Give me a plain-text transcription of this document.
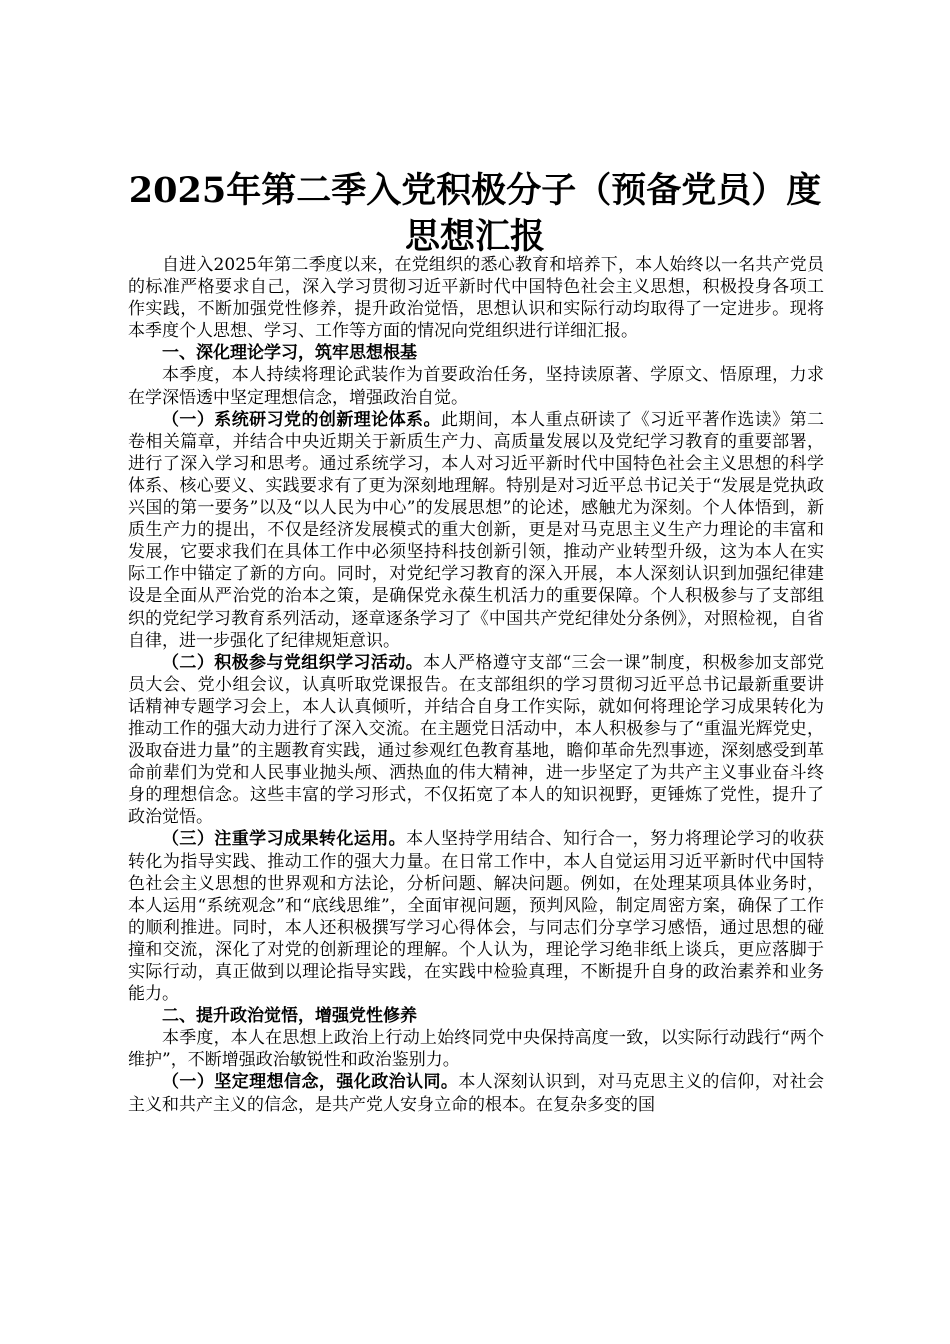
2025年第二季入党积极分子（预备党员）度
思想汇报

自进入2025年第二季度以来，在党组织的悉心教育和培养下，本人始终以一名共产党员的标准严格要求自己，深入学习贯彻习近平新时代中国特色社会主义思想，积极投身各项工作实践，不断加强党性修养，提升政治觉悟，思想认识和实际行动均取得了一定进步。现将本季度个人思想、学习、工作等方面的情况向党组织进行详细汇报。

一、深化理论学习，筑牢思想根基

本季度，本人持续将理论武装作为首要政治任务，坚持读原著、学原文、悟原理，力求在学深悟透中坚定理想信念，增强政治自觉。

（一）系统研习党的创新理论体系。此期间，本人重点研读了《习近平著作选读》第二卷相关篇章，并结合中央近期关于新质生产力、高质量发展以及党纪学习教育的重要部署，进行了深入学习和思考。通过系统学习，本人对习近平新时代中国特色社会主义思想的科学体系、核心要义、实践要求有了更为深刻地理解。特别是对习近平总书记关于“发展是党执政兴国的第一要务”以及“以人民为中心”的发展思想”的论述，感触尤为深刻。个人体悟到，新质生产力的提出，不仅是经济发展模式的重大创新，更是对马克思主义生产力理论的丰富和发展，它要求我们在具体工作中必须坚持科技创新引领，推动产业转型升级，这为本人在实际工作中锚定了新的方向。同时，对党纪学习教育的深入开展，本人深刻认识到加强纪律建设是全面从严治党的治本之策，是确保党永葆生机活力的重要保障。个人积极参与了支部组织的党纪学习教育系列活动，逐章逐条学习了《中国共产党纪律处分条例》，对照检视，自省自律，进一步强化了纪律规矩意识。

（二）积极参与党组织学习活动。本人严格遵守支部“三会一课”制度，积极参加支部党员大会、党小组会议，认真听取党课报告。在支部组织的学习贯彻习近平总书记最新重要讲话精神专题学习会上，本人认真倾听，并结合自身工作实际，就如何将理论学习成果转化为推动工作的强大动力进行了深入交流。在主题党日活动中，本人积极参与了“重温光辉党史，汲取奋进力量”的主题教育实践，通过参观红色教育基地，瞻仰革命先烈事迹，深刻感受到革命前辈们为党和人民事业抛头颅、洒热血的伟大精神，进一步坚定了为共产主义事业奋斗终身的理想信念。这些丰富的学习形式，不仅拓宽了本人的知识视野，更锤炼了党性，提升了政治觉悟。

（三）注重学习成果转化运用。本人坚持学用结合、知行合一，努力将理论学习的收获转化为指导实践、推动工作的强大力量。在日常工作中，本人自觉运用习近平新时代中国特色社会主义思想的世界观和方法论，分析问题、解决问题。例如，在处理某项具体业务时，本人运用“系统观念”和“底线思维”，全面审视问题，预判风险，制定周密方案，确保了工作的顺利推进。同时，本人还积极撰写学习心得体会，与同志们分享学习感悟，通过思想的碰撞和交流，深化了对党的创新理论的理解。个人认为，理论学习绝非纸上谈兵，更应落脚于实际行动，真正做到以理论指导实践，在实践中检验真理，不断提升自身的政治素养和业务能力。

二、提升政治觉悟，增强党性修养

本季度，本人在思想上政治上行动上始终同党中央保持高度一致，以实际行动践行“两个维护”，不断增强政治敏锐性和政治鉴别力。

（一）坚定理想信念，强化政治认同。本人深刻认识到，对马克思主义的信仰，对社会主义和共产主义的信念，是共产党人安身立命的根本。在复杂多变的国
